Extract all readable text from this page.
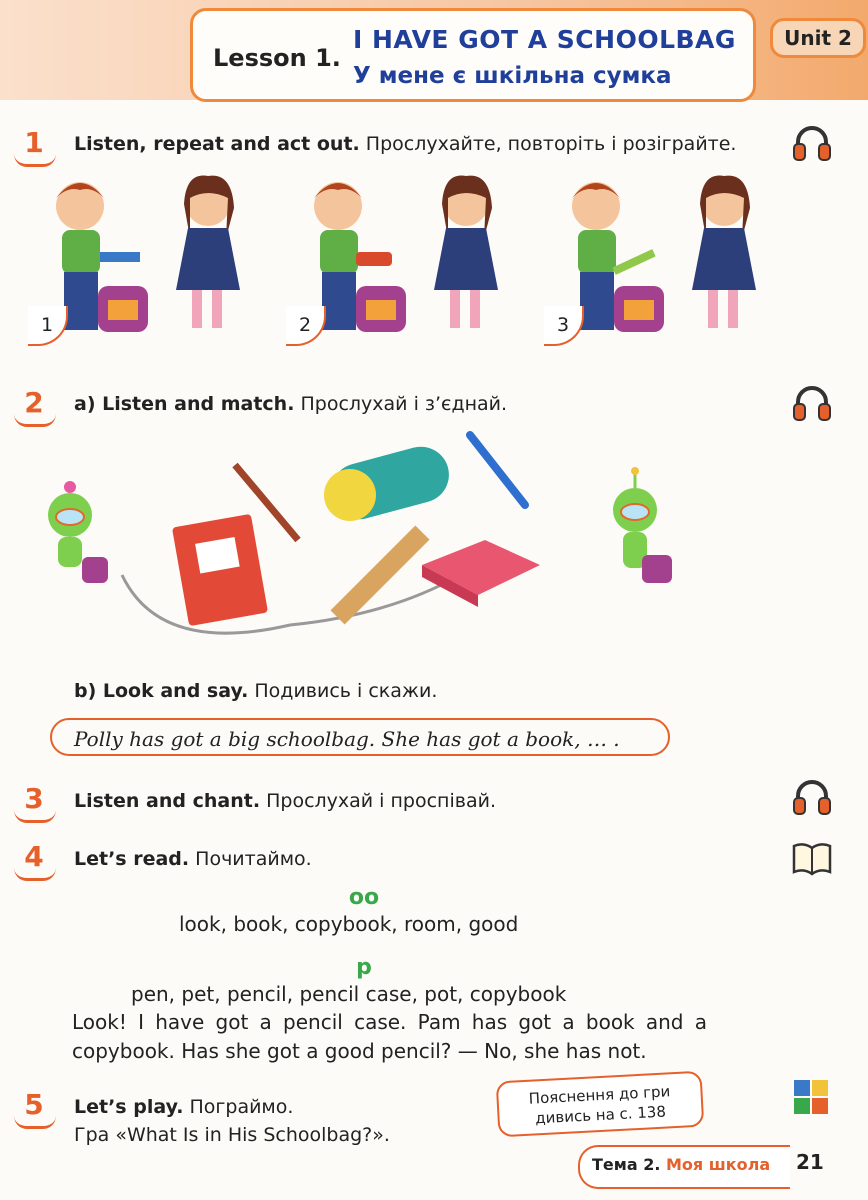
Lesson 1.
I HAVE GOT A SCHOOLBAG
У мене є шкільна сумка
Unit 2
1	Listen, repeat and act out. Прослухайте, повторіть і розіграйте.
1	2	3
2	a) Listen and match. Прослухай і з’єднай.
b) Look and say. Подивись і скажи.
Polly has got a big schoolbag. She has got a book, … .
3	Listen and chant. Прослухай і проспівай.
4	Let’s read. Почитаймо.
oo
look, book, copybook, room, good
p
pen, pet, pencil, pencil case, pot, copybook
Look! I have got a pencil case. Pam has got a book and a copybook. Has she got a good pencil? — No, she has not.
5	Let’s play. Пограймо.
Гра «What Is in His Schoolbag?».
Пояснення до гри дивись на с. 138
Тема 2. Моя школа 21
